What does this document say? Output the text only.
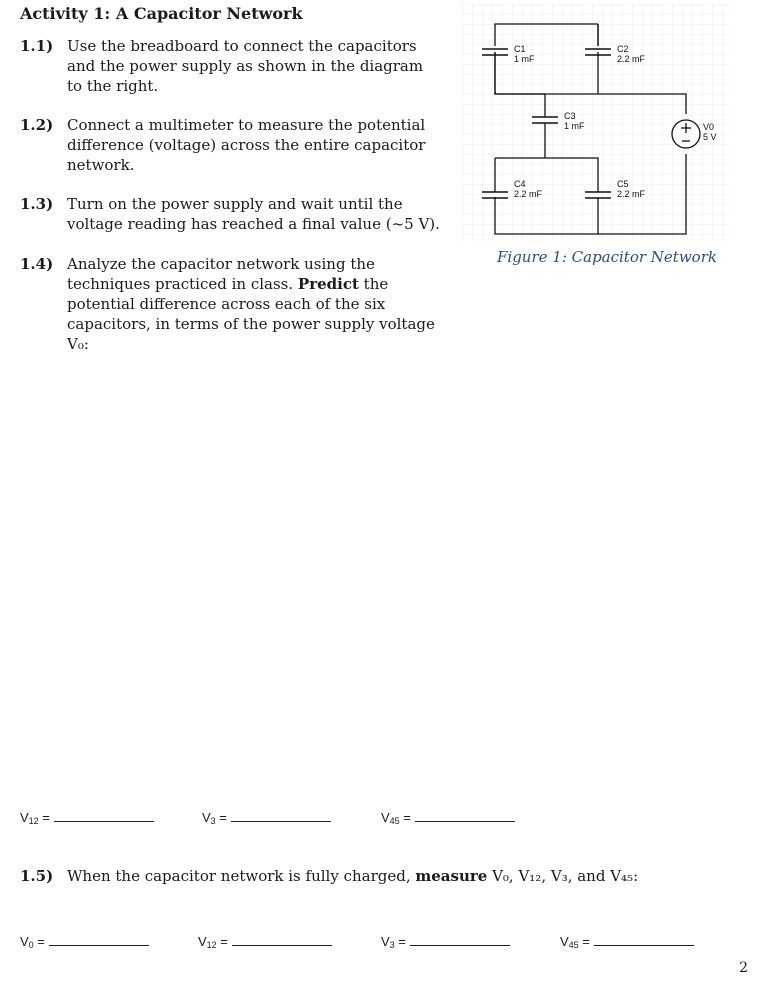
Activity 1: A Capacitor Network
1.1) Use the breadboard to connect the capacitors and the power supply as shown in the diagram to the right.
1.2) Connect a multimeter to measure the potential difference (voltage) across the entire capacitor network.
1.3) Turn on the power supply and wait until the voltage reading has reached a final value (~5 V).
1.4) Analyze the capacitor network using the techniques practiced in class. Predict the potential difference across each of the six capacitors, in terms of the power supply voltage V₀:
C1
1 mF
C2
2.2 mF
C3
1 mF
C4
2.2 mF
C5
2.2 mF
V0
5 V
Figure 1: Capacitor Network
$V_{12}$ =	$V_3$ =	$V_{45}$ =
1.5) When the capacitor network is fully charged, measure V₀, V₁₂, V₃, and V₄₅:
$V_0$ =	$V_{12}$ =	$V_3$ =	$V_{45}$ =
2
